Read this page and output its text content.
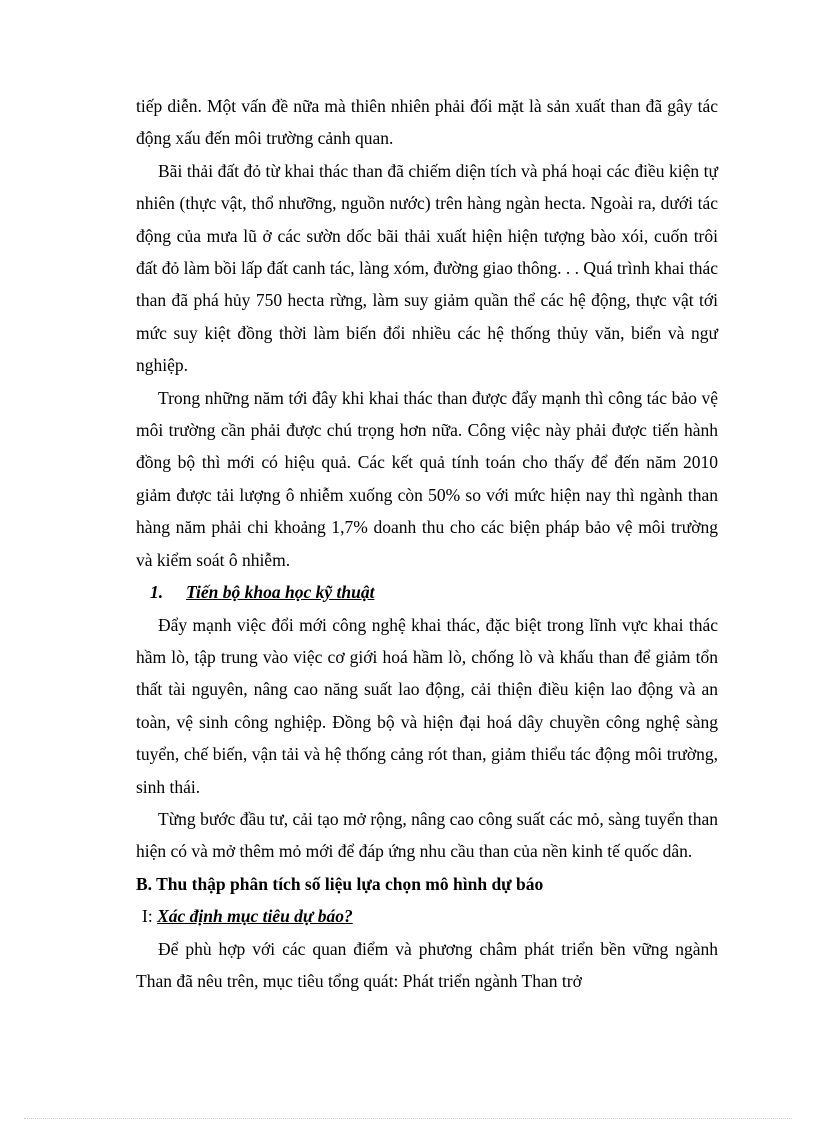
tiếp diễn. Một vấn đề nữa mà thiên nhiên phải đối mặt là sản xuất than đã gây tác động xấu đến môi trường cảnh quan.

Bãi thải đất đỏ từ khai thác than đã chiếm diện tích và phá hoại các điều kiện tự nhiên (thực vật, thổ nhưỡng, nguồn nước) trên hàng ngàn hecta. Ngoài ra, dưới tác động của mưa lũ ở các sườn dốc bãi thải xuất hiện hiện tượng bào xói, cuốn trôi đất đỏ làm bồi lấp đất canh tác, làng xóm, đường giao thông. . . Quá trình khai thác than đã phá hủy 750 hecta rừng, làm suy giảm quần thể các hệ động, thực vật tới mức suy kiệt đồng thời làm biến đổi nhiều các hệ thống thủy văn, biển và ngư nghiệp.

Trong những năm tới đây khi khai thác than được đẩy mạnh thì công tác bảo vệ môi trường cần phải được chú trọng hơn nữa. Công việc này phải được tiến hành đồng bộ thì mới có hiệu quả. Các kết quả tính toán cho thấy để đến năm 2010 giảm được tải lượng ô nhiễm xuống còn 50% so với mức hiện nay thì ngành than hàng năm phải chi khoảng 1,7% doanh thu cho các biện pháp bảo vệ môi trường và kiểm soát ô nhiễm.

1. Tiến bộ khoa học kỹ thuật

Đẩy mạnh việc đổi mới công nghệ khai thác, đặc biệt trong lĩnh vực khai thác hầm lò, tập trung vào việc cơ giới hoá hầm lò, chống lò và khấu than để giảm tổn thất tài nguyên, nâng cao năng suất lao động, cải thiện điều kiện lao động và an toàn, vệ sinh công nghiệp. Đồng bộ và hiện đại hoá dây chuyền công nghệ sàng tuyển, chế biến, vận tải và hệ thống cảng rót than, giảm thiểu tác động môi trường, sinh thái.

Từng bước đầu tư, cải tạo mở rộng, nâng cao công suất các mỏ, sàng tuyển than hiện có và mở thêm mỏ mới để đáp ứng nhu cầu than của nền kinh tế quốc dân.

B. Thu thập phân tích số liệu lựa chọn mô hình dự báo
I: Xác định mục tiêu dự báo?

Để phù hợp với các quan điểm và phương châm phát triển bền vững ngành Than đã nêu trên, mục tiêu tổng quát: Phát triển ngành Than trở
